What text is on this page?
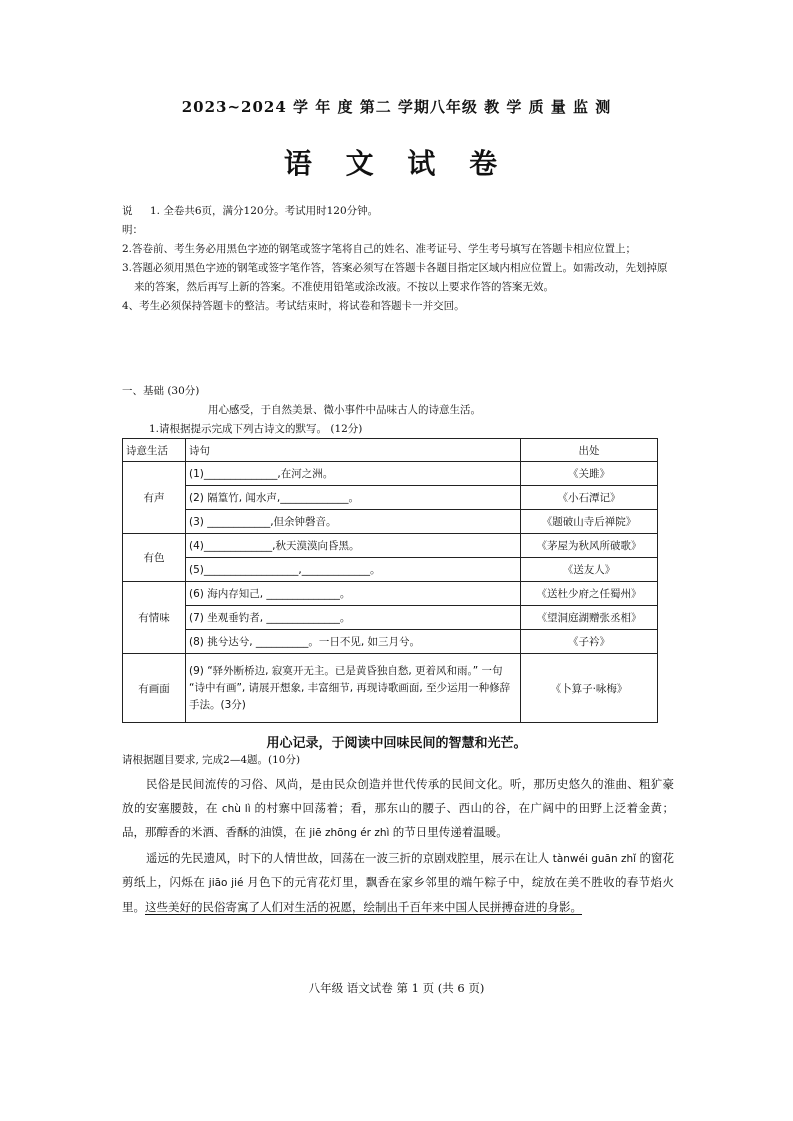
2023~2024 学 年 度 第二 学期八年级 教 学 质 量 监 测
语 文 试 卷
说明：
1. 全卷共6页，满分120分。考试用时120分钟。
2.答卷前、考生务必用黑色字迹的钢笔或签字笔将自己的姓名、准考证号、学生考号填写在答题卡相应位置上；
3.答题必须用黑色字迹的钢笔或签字笔作答，答案必须写在答题卡各题目指定区域内相应位置上。如需改动，先划掉原来的答案，然后再写上新的答案。不准使用铅笔或涂改液。不按以上要求作答的答案无效。
4、考生必须保持答题卡的整洁。考试结束时，将试卷和答题卡一并交回。
一、基础 (30分)
用心感受，于自然美景、微小事件中品味古人的诗意生活。
1.请根据提示完成下列古诗文的默写。 (12分)
诗意生活	诗句	出处
有声	(1)______________,在河之洲。	《关雎》
	(2) 隔篁竹, 闻水声,_____________。	《小石潭记》
	(3) ____________,但余钟磬音。	《题破山寺后禅院》
有色	(4)_____________,秋天漠漠向昏黑。	《茅屋为秋风所破歌》
	(5)__________________,_____________。	《送友人》
有情味	(6) 海内存知己, ______________。	《送杜少府之任蜀州》
	(7) 坐观垂钓者, ______________。	《望洞庭湖赠张丞相》
	(8) 挑兮达兮, __________。一日不见, 如三月兮。	《子衿》
有画面	(9) “驿外断桥边, 寂寞开无主。已是黄昏独自愁, 更着风和雨。” 一句 “诗中有画”, 请展开想象, 丰富细节, 再现诗歌画面, 至少运用一种修辞手法。(3分)	《卜算子·咏梅》
用心记录，于阅读中回味民间的智慧和光芒。
请根据题目要求, 完成2—4题。(10分)

民俗是民间流传的习俗、风尚，是由民众创造并世代传承的民间文化。听，那历史悠久的淮曲、粗犷豪放的安塞腰鼓，在 chù lì 的村寨中回荡着；看，那东山的腰子、西山的谷，在广阔中的田野上泛着金黄；品，那醇香的米酒、香酥的油馍，在 jiē zhōng ér zhì 的节日里传递着温暖。

遥远的先民遗风，时下的人情世故，回荡在一波三折的京剧戏腔里，展示在让人 tànwéi guān zhǐ 的窗花剪纸上，闪烁在 jiāo jié 月色下的元宵花灯里，飘香在家乡邻里的端午粽子中，绽放在美不胜收的春节焰火里。这些美好的民俗寄寓了人们对生活的祝愿，绘制出千百年来中国人民拼搏奋进的身影。

八年级 语文试卷 第 1 页 (共 6 页)
